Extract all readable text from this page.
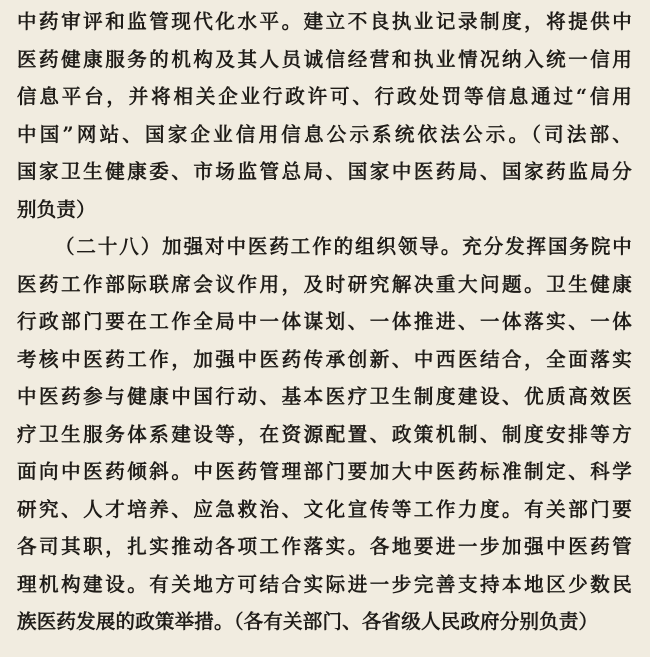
中药审评和监管现代化水平。建立不良执业记录制度，将提供中
医药健康服务的机构及其人员诚信经营和执业情况纳入统一信用
信息平台，并将相关企业行政许可、行政处罚等信息通过“信用
中国”网站、国家企业信用信息公示系统依法公示。（司法部、
国家卫生健康委、市场监管总局、国家中医药局、国家药监局分
别负责）
（二十八）加强对中医药工作的组织领导。充分发挥国务院中
医药工作部际联席会议作用，及时研究解决重大问题。卫生健康
行政部门要在工作全局中一体谋划、一体推进、一体落实、一体
考核中医药工作，加强中医药传承创新、中西医结合，全面落实
中医药参与健康中国行动、基本医疗卫生制度建设、优质高效医
疗卫生服务体系建设等，在资源配置、政策机制、制度安排等方
面向中医药倾斜。中医药管理部门要加大中医药标准制定、科学
研究、人才培养、应急救治、文化宣传等工作力度。有关部门要
各司其职，扎实推动各项工作落实。各地要进一步加强中医药管
理机构建设。有关地方可结合实际进一步完善支持本地区少数民
族医药发展的政策举措。（各有关部门、各省级人民政府分别负责）
